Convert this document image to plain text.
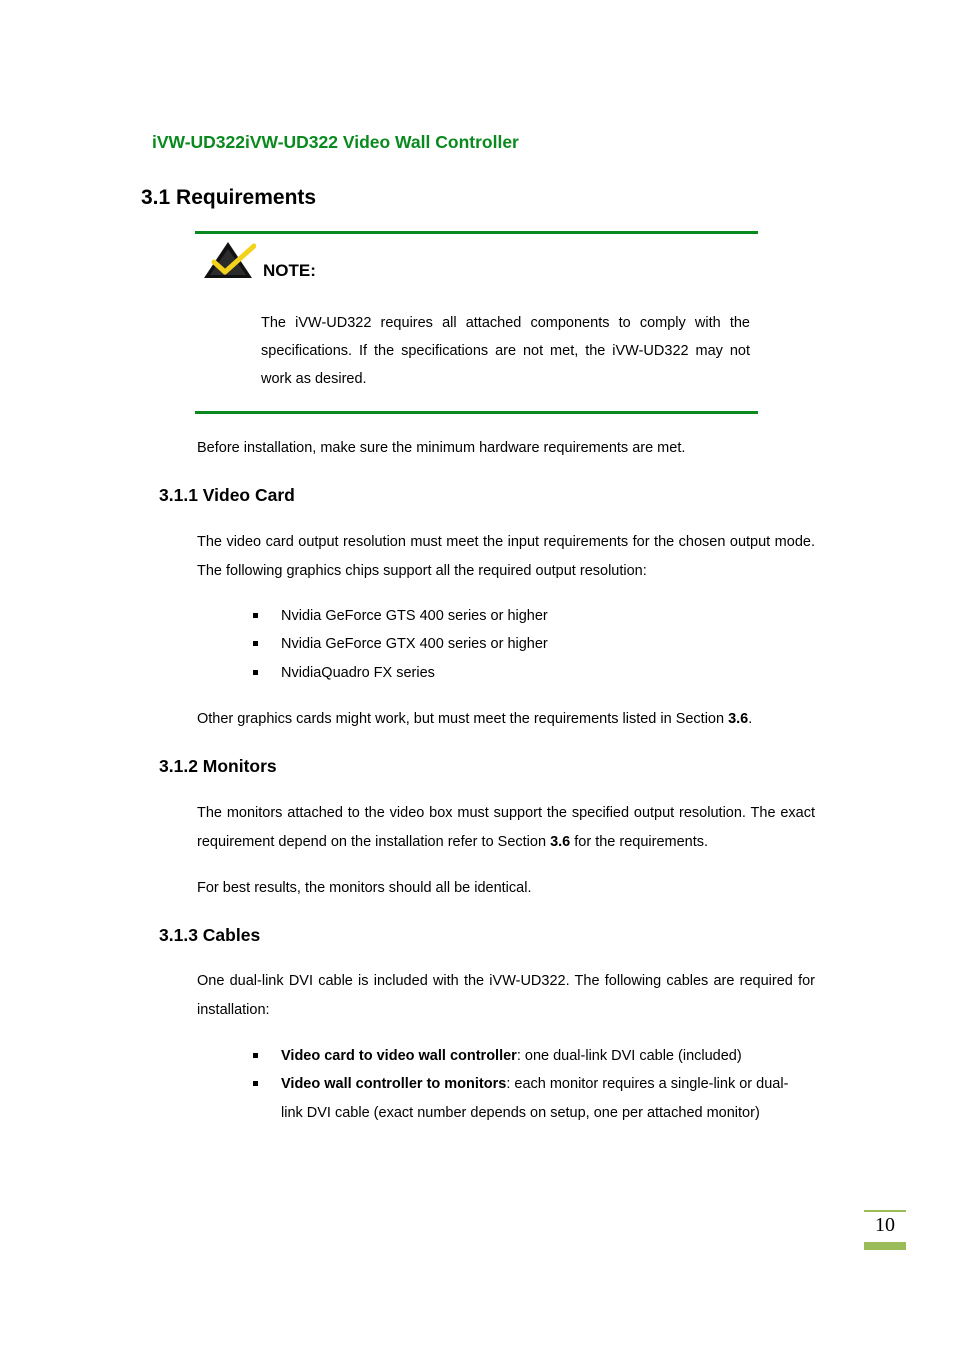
iVW-UD322iVW-UD322 Video Wall Controller
3.1 Requirements
NOTE:
The iVW-UD322 requires all attached components to comply with the specifications. If the specifications are not met, the iVW-UD322 may not work as desired.
Before installation, make sure the minimum hardware requirements are met.
3.1.1 Video Card
The video card output resolution must meet the input requirements for the chosen output mode. The following graphics chips support all the required output resolution:
Nvidia GeForce GTS 400 series or higher
Nvidia GeForce GTX 400 series or higher
NvidiaQuadro FX series
Other graphics cards might work, but must meet the requirements listed in Section 3.6.
3.1.2 Monitors
The monitors attached to the video box must support the specified output resolution. The exact requirement depend on the installation refer to Section 3.6 for the requirements.
For best results, the monitors should all be identical.
3.1.3 Cables
One dual-link DVI cable is included with the iVW-UD322. The following cables are required for installation:
Video card to video wall controller: one dual-link DVI cable (included)
Video wall controller to monitors: each monitor requires a single-link or dual-link DVI cable (exact number depends on setup, one per attached monitor)
10
